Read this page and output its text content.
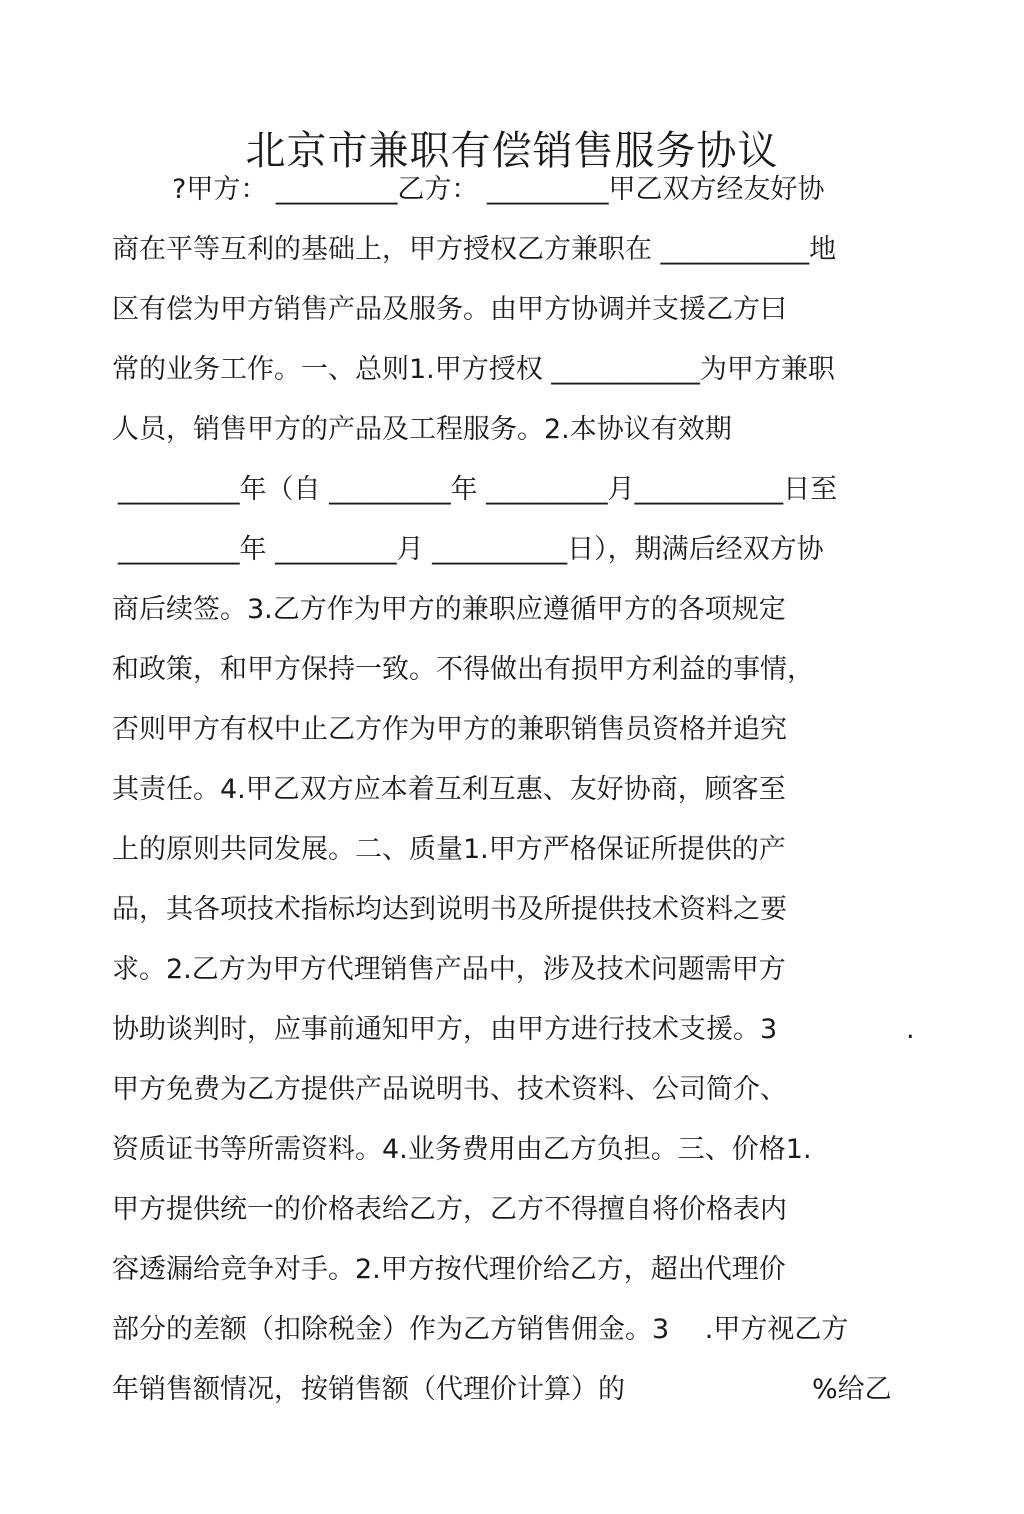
北京市兼职有偿销售服务协议
?甲方： _________乙方： _________甲乙双方经友好协
商在平等互利的基础上，甲方授权乙方兼职在 ___________地
区有偿为甲方销售产品及服务。由甲方协调并支援乙方曰
常的业务工作。一、总则1.甲方授权 ___________为甲方兼职
人员，销售甲方的产品及工程服务。2.本协议有效期
_________年（自 _________年 _________月___________日至
_________年 _________月 __________日），期满后经双方协
商后续签。3.乙方作为甲方的兼职应遵循甲方的各项规定
和政策，和甲方保持一致。不得做出有损甲方利益的事情，
否则甲方有权中止乙方作为甲方的兼职销售员资格并追究
其责任。4.甲乙双方应本着互利互惠、友好协商，顾客至
上的原则共同发展。二、质量1.甲方严格保证所提供的产
品，其各项技术指标均达到说明书及所提供技术资料之要
求。2.乙方为甲方代理销售产品中，涉及技术问题需甲方
协助谈判时，应事前通知甲方，由甲方进行技术支援。3	.
甲方免费为乙方提供产品说明书、技术资料、公司简介、
资质证书等所需资料。4.业务费用由乙方负担。三、价格1.
甲方提供统一的价格表给乙方，乙方不得擅自将价格表内
容透漏给竞争对手。2.甲方按代理价给乙方，超出代理价
部分的差额（扣除税金）作为乙方销售佣金。3　 .甲方视乙方
年销售额情况，按销售额（代理价计算）的	%给乙
